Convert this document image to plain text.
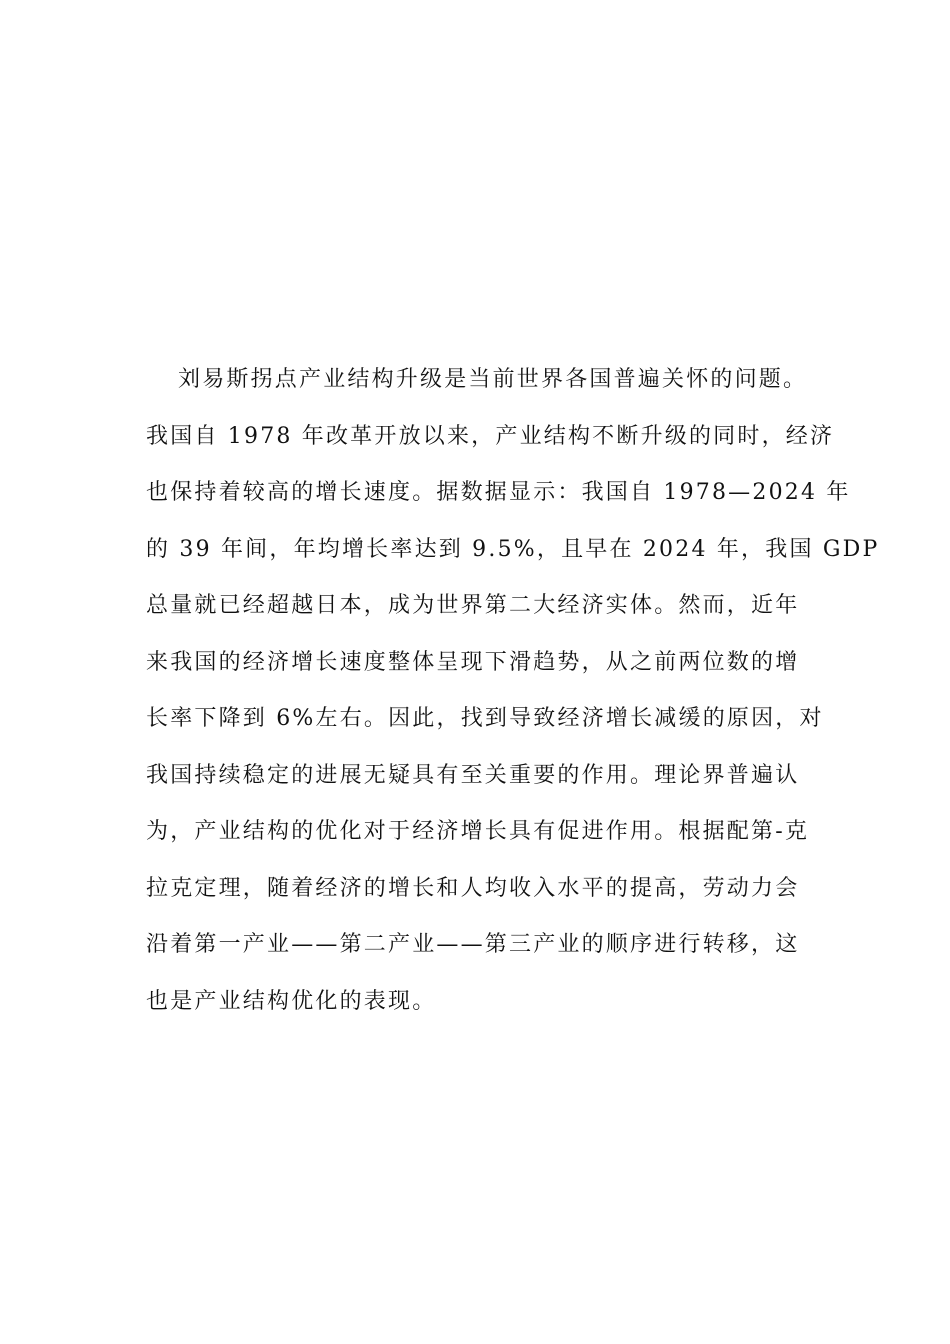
刘易斯拐点产业结构升级是当前世界各国普遍关怀的问题。
我国自 1978 年改革开放以来，产业结构不断升级的同时，经济
也保持着较高的增长速度。据数据显示：我国自 1978—2024 年
的 39 年间，年均增长率达到 9.5%，且早在 2024 年，我国 GDP
总量就已经超越日本，成为世界第二大经济实体。然而，近年
来我国的经济增长速度整体呈现下滑趋势，从之前两位数的增
长率下降到 6%左右。因此，找到导致经济增长减缓的原因，对
我国持续稳定的进展无疑具有至关重要的作用。理论界普遍认
为，产业结构的优化对于经济增长具有促进作用。根据配第-克
拉克定理，随着经济的增长和人均收入水平的提高，劳动力会
沿着第一产业——第二产业——第三产业的顺序进行转移，这
也是产业结构优化的表现。
